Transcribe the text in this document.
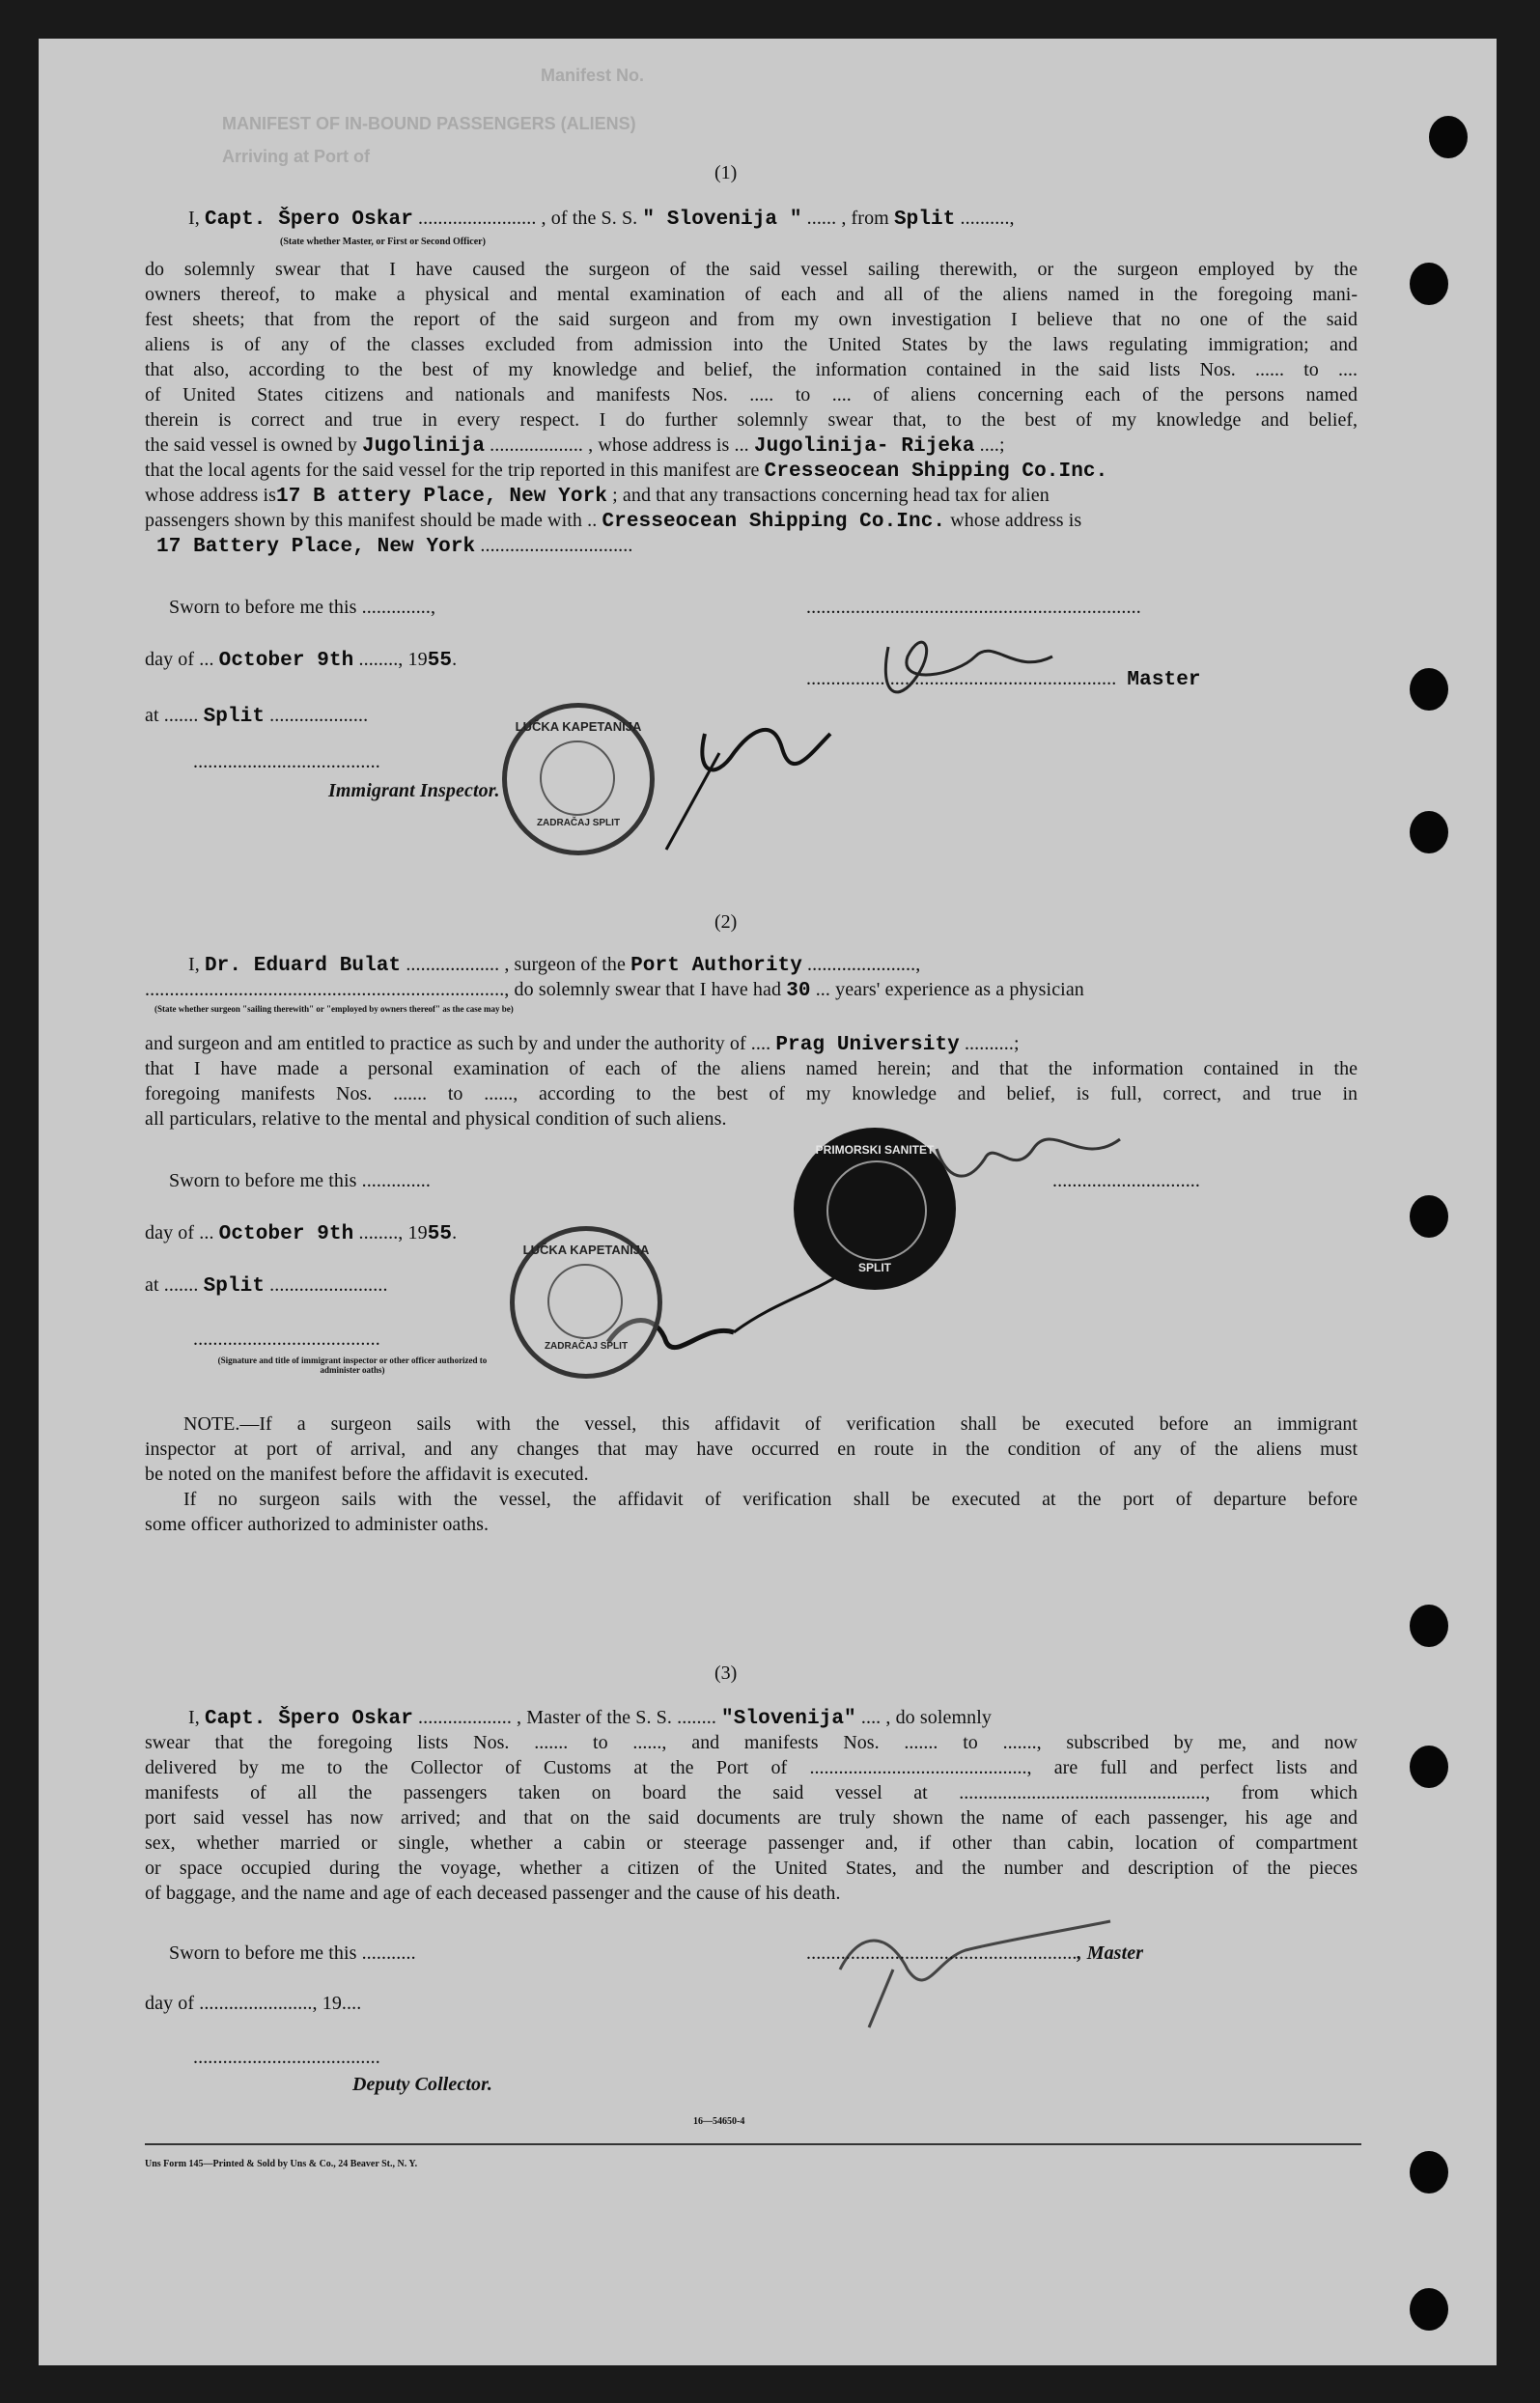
Manifest No.
MANIFEST OF IN-BOUND PASSENGERS (ALIENS)
Arriving at Port of
(1)
I, Capt. Špero Oskar ........................ , of the S. S. " Slovenija " ...... , from Split ..........,
(State whether Master, or First or Second Officer)
do solemnly swear that I have caused the surgeon of the said vessel sailing therewith, or the surgeon employed by the
owners thereof, to make a physical and mental examination of each and all of the aliens named in the foregoing mani-
fest sheets; that from the report of the said surgeon and from my own investigation I believe that no one of the said
aliens is of any of the classes excluded from admission into the United States by the laws regulating immigration; and
that also, according to the best of my knowledge and belief, the information contained in the said lists Nos. ...... to ....
of United States citizens and nationals and manifests Nos. ..... to .... of aliens concerning each of the persons named
therein is correct and true in every respect. I do further solemnly swear that, to the best of my knowledge and belief,
the said vessel is owned by Jugolinija ................... , whose address is ... Jugolinija- Rijeka ....;
that the local agents for the said vessel for the trip reported in this manifest are Cresseocean Shipping Co.Inc.
whose address is17 B attery Place, New York ; and that any transactions concerning head tax for alien
passengers shown by this manifest should be made with .. Cresseocean Shipping Co.Inc. whose address is
17 Battery Place, New York ...............................
Sworn to before me this ..............,	....................................................................
day of ... October 9th ........, 1955.
............................................................... Master
at ....... Split ....................
......................................
Immigrant Inspector.
LUČKA KAPETANIJA
ZADRAČAJ SPLIT
(2)
I, Dr. Eduard Bulat ................... , surgeon of the Port Authority ......................,
........................................................................., do solemnly swear that I have had 30 ... years' experience as a physician
(State whether surgeon "sailing therewith" or "employed by owners thereof" as the case may be)
and surgeon and am entitled to practice as such by and under the authority of .... Prag University ..........;
that I have made a personal examination of each of the aliens named herein; and that the information contained in the
foregoing manifests Nos. ....... to ......, according to the best of my knowledge and belief, is full, correct, and true in
all particulars, relative to the mental and physical condition of such aliens.
Sworn to before me this ..............	..............................
day of ... October 9th ........, 1955.
at ....... Split ........................
......................................
(Signature and title of immigrant inspector or other officer authorized to administer oaths)
LUČKA KAPETANIJA
ZADRAČAJ SPLIT
PRIMORSKI SANITET
SPLIT
NOTE.—If a surgeon sails with the vessel, this affidavit of verification shall be executed before an immigrant
inspector at port of arrival, and any changes that may have occurred en route in the condition of any of the aliens must
be noted on the manifest before the affidavit is executed.
If no surgeon sails with the vessel, the affidavit of verification shall be executed at the port of departure before
some officer authorized to administer oaths.
(3)
I, Capt. Špero Oskar ................... , Master of the S. S. ........ "Slovenija" .... , do solemnly
swear that the foregoing lists Nos. ....... to ......, and manifests Nos. ....... to ......., subscribed by me, and now
delivered by me to the Collector of Customs at the Port of ............................................., are full and perfect lists and
manifests of all the passengers taken on board the said vessel at ..................................................., from which
port said vessel has now arrived; and that on the said documents are truly shown the name of each passenger, his age and
sex, whether married or single, whether a cabin or steerage passenger and, if other than cabin, location of compartment
or space occupied during the voyage, whether a citizen of the United States, and the number and description of the pieces
of baggage, and the name and age of each deceased passenger and the cause of his death.
Sworn to before me this ...........	......................................................., Master
day of ......................., 19....
......................................
Deputy Collector.
16—54650-4
Uns Form 145—Printed & Sold by Uns & Co., 24 Beaver St., N. Y.
